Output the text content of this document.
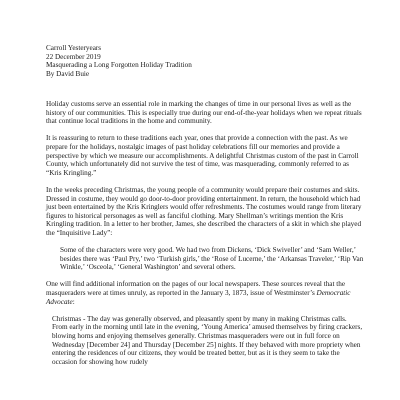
Carroll Yesteryears
22 December 2019
Masquerading a Long Forgotten Holiday Tradition
By David Buie

Holiday customs serve an essential role in marking the changes of time in our personal lives as well as the history of our communities. This is especially true during our end-of-the-year holidays when we repeat rituals that continue local traditions in the home and community.

It is reassuring to return to these traditions each year, ones that provide a connection with the past. As we prepare for the holidays, nostalgic images of past holiday celebrations fill our memories and provide a perspective by which we measure our accomplishments. A delightful Christmas custom of the past in Carroll County, which unfortunately did not survive the test of time, was masquerading, commonly referred to as “Kris Kringling.”

In the weeks preceding Christmas, the young people of a community would prepare their costumes and skits. Dressed in costume, they would go door-to-door providing entertainment. In return, the household which had just been entertained by the Kris Kringlers would offer refreshments. The costumes would range from literary figures to historical personages as well as fanciful clothing. Mary Shellman’s writings mention the Kris Kringling tradition. In a letter to her brother, James, she described the characters of a skit in which she played the “Inquisitive Lady”:

Some of the characters were very good. We had two from Dickens, ‘Dick Swiveller’ and ‘Sam Weller,’ besides there was ‘Paul Pry,’ two ‘Turkish girls,’ the ‘Rose of Lucerne,’ the ‘Arkansas Traveler,’ ‘Rip Van Winkle,’ ‘Osceola,’ ‘General Washington’ and several others.

One will find additional information on the pages of our local newspapers. These sources reveal that the masqueraders were at times unruly, as reported in the January 3, 1873, issue of Westminster’s Democratic Advocate:

Christmas - The day was generally observed, and pleasantly spent by many in making Christmas calls. From early in the morning until late in the evening, ‘Young America’ amused themselves by firing crackers, blowing horns and enjoying themselves generally. Christmas masqueraders were out in full force on Wednesday [December 24] and Thursday [December 25] nights. If they behaved with more propriety when entering the residences of our citizens, they would be treated better, but as it is they seem to take the occasion for showing how rudely
